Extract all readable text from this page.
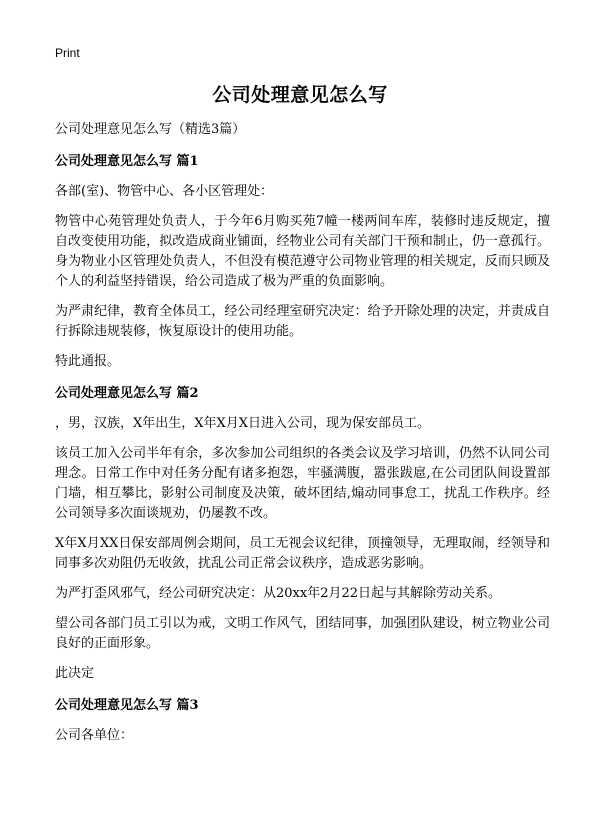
Print
公司处理意见怎么写

公司处理意见怎么写（精选3篇）

公司处理意见怎么写 篇1

各部(室)、物管中心、各小区管理处：

物管中心苑管理处负责人，于今年6月购买苑7幢一楼两间车库，装修时违反规定，擅自改变使用功能，拟改造成商业铺面，经物业公司有关部门干预和制止，仍一意孤行。身为物业小区管理处负责人，不但没有模范遵守公司物业管理的相关规定，反而只顾及个人的利益坚持错误，给公司造成了极为严重的负面影响。

为严肃纪律，教育全体员工，经公司经理室研究决定：给予开除处理的决定，并责成自行拆除违规装修，恢复原设计的使用功能。

特此通报。

公司处理意见怎么写 篇2

，男，汉族，X年出生，X年X月X日进入公司，现为保安部员工。

该员工加入公司半年有余，多次参加公司组织的各类会议及学习培训，仍然不认同公司理念。日常工作中对任务分配有诸多抱怨，牢骚满腹，嚣张跋扈,在公司团队间设置部门墙，相互攀比，影射公司制度及决策，破坏团结,煽动同事怠工，扰乱工作秩序。经公司领导多次面谈规劝，仍屡教不改。

X年X月XX日保安部周例会期间，员工无视会议纪律，顶撞领导，无理取闹，经领导和同事多次劝阻仍无收敛，扰乱公司正常会议秩序，造成恶劣影响。

为严打歪风邪气，经公司研究决定：从20xx年2月22日起与其解除劳动关系。

望公司各部门员工引以为戒，文明工作风气，团结同事，加强团队建设，树立物业公司良好的正面形象。

此决定

公司处理意见怎么写 篇3

公司各单位：
